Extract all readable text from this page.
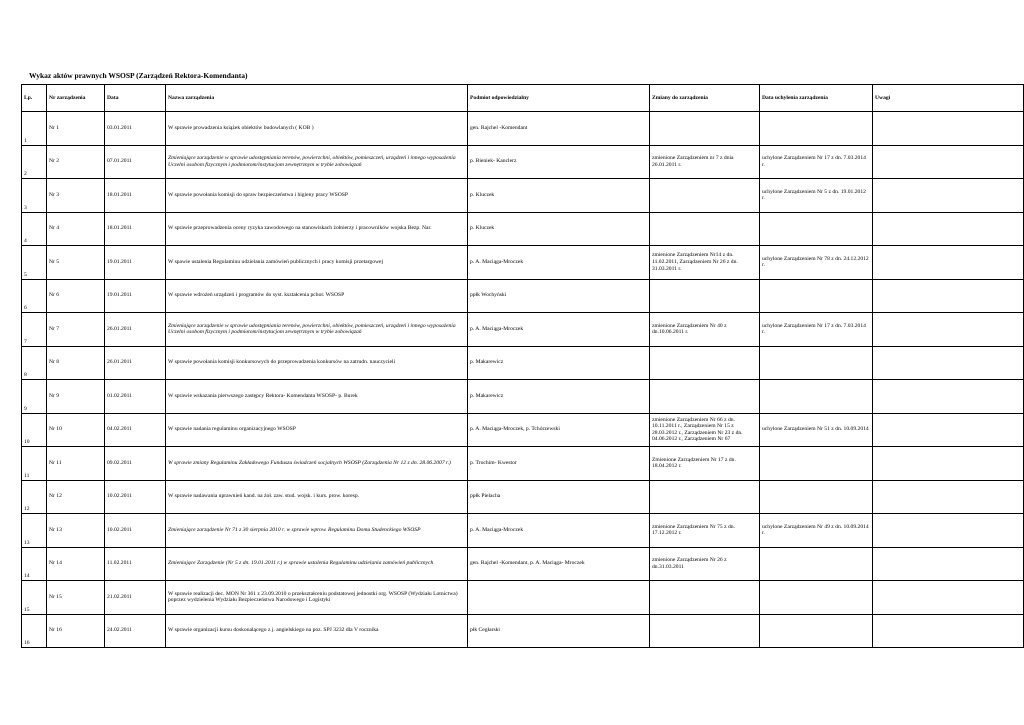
Wykaz aktów prawnych WSOSP (Zarządzeń Rektora-Komendanta)
Lp.	Nr zarządzenia	Data	Nazwa zarządzenia	Podmiot odpowiedzialny	Zmiany do zarządzenia	Data uchylenia zarządzenia	Uwagi
1	Nr 1	03.01.2011	W sprawie prowadzenia książek obiektów budowlanych ( KOB )	gen. Rajchel -Komendant			
2	Nr 2	07.01.2011	Zmieniające zarządzenie w sprawie udostępniania terenów, powierzchni, obiektów, pomieszczeń, urządzeń i innego wyposażenia Uczelni osobom fizycznym i podmiotom/instytucjom zewnętrznym w trybie zobowiązań	p. Bieniek- Kanclerz	zmienione Zarządzeniem nr 7 z dnia 26.01.2011 r.	uchylone Zarządzeniem Nr 17 z dn. 7.03.2014 r.	
3	Nr 3	18.01.2011	W sprawie powołania komisji do spraw bezpieczeństwa i higieny pracy WSOSP	p. Kluczek		uchylone Zarządzeniem Nr 5 z dn. 19.01.2012 r.	
4	Nr 4	18.01.2011	W sprawie przeprowadzenia oceny ryzyka zawodowego na stanowiskach żołnierzy i pracowników wojska Bezp. Nar.	p. Kluczek			
5	Nr 5	19.01.2011	W spawie ustalenia Regulaminu udzielania zamówień publicznych i pracy komisji przetargowej	p. A. Maciąga-Mroczek	zmienione Zarządzeniem Nr14 z dn. 11.02.2011, Zarządzeniem Nr 26 z dn. 31.03.2011 r.	uchylone Zarządzeniem Nr 78 z dn. 24.12.2012 r.	
6	Nr 6	19.01.2011	W sprawie wdrożeń urządzeń i programów do syst. kształcenia pchor. WSOSP	ppłk Wochyński			
7	Nr 7	26.01.2011	Zmieniające zarządzenie w sprawie udostępniania terenów, powierzchni, obiektów, pomieszczeń, urządzeń i innego wyposażenia Uczelni osobom fizycznym i podmiotom/instytucjom zewnętrznym w trybie zobowiązań	p. A. Maciąga-Mroczek	zmienione Zarządzeniem Nr 40 z dn.10.06.2011 r.	uchylone Zarządzeniem Nr 17 z dn. 7.03.2014 r.	
8	Nr 8	26.01.2011	W sprawie powołania komisji konkursowych do przeprowadzenia konkursów na zatrudn. nauczycieli	p. Makarewicz			
9	Nr 9	01.02.2011	W sprawie wskazania pierwszego zastępcy Rektora- Komendanta WSOSP- p. Burek	p. Makarewicz			
10	Nr 10	04.02.2011	W sprawie nadania regulaminu organizacyjnego WSOSP	p. A. Maciąga-Mroczek, p. Tchórzewski	zmienione Zarządzeniem Nr 66 z dn. 10.11.2011 r., Zarządzeniem Nr 15 z 28.03.2012 r., Zarządzeniem Nr 23 z dn. 04.06.2012 r., Zarządzeniem Nr 67	uchylone Zarządzeniem Nr 51 z dn. 10.09.2014	
11	Nr 11	09.02.2011	W sprawie zmiany Regulaminu Zakładowego Funduszu świadczeń socjalnych WSOSP (Zarządzenia Nr 12 z dn. 28.06.2007 r.)	p. Trochim- Kwestor	Zmienione Zarządzeniem Nr 17 z dn. 18.04.2012 r.		
12	Nr 12	10.02.2011	W sprawie nadawania uprawnień kand. na żoł. zaw. stud. wojsk. i kurs. prow. koresp.	ppłk Pielacha			
13	Nr 13	10.02.2011	Zmieniające zarządzenie Nr 71 z 30 sierpnia 2010 r. w sprawie wprow. Regulaminu Domu Studenckiego WSOSP	p. A. Maciąga-Mroczek	zmienione Zarządzeniem Nr 75 z dn. 17.12.2012 r.	uchylone Zarządzeniem Nr 49 z dn. 10.09.2014 r.	
14	Nr 14	11.02.2011	Zmieniające Zarządzenie (Nr 5 z dn. 19.01.2011 r.) w sprawie ustalenia Regulaminu udzielania zamówień publicznych	gen. Rajchel -Komendant, p. A. Maciąga- Mroczek	zmienione Zarządzeniem Nr 26 z dn.31.03.2011		
15	Nr 15	21.02.2011	W sprawie realizacji dec. MON Nr 361 z 23.09.2010 o przekształceniu podstatowej jednostki org. WSOSP (Wydziału Lotnictwa) poprzez wydzielenia Wydziału Bezpieczeństwa Narodowego i Logistyki				
16	Nr 16	24.02.2011	W sprawie organizacji kursu doskonalącego z j. angielskiego na poz. SPJ 3232 dla V rocznika	płk Cegłarski			
